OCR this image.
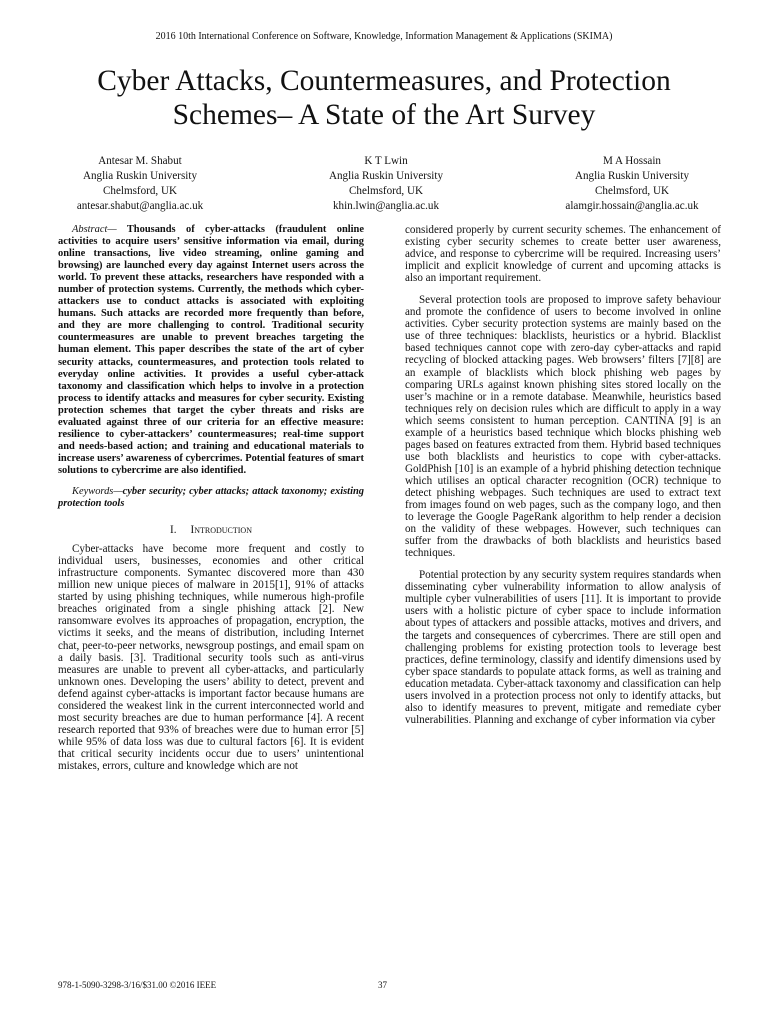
2016 10th International Conference on Software, Knowledge, Information Management & Applications (SKIMA)
Cyber Attacks, Countermeasures, and Protection
Schemes– A State of the Art Survey
Antesar M. Shabut
Anglia Ruskin University
Chelmsford, UK
antesar.shabut@anglia.ac.uk
K T Lwin
Anglia Ruskin University
Chelmsford, UK
khin.lwin@anglia.ac.uk
M A Hossain
Anglia Ruskin University
Chelmsford, UK
alamgir.hossain@anglia.ac.uk

Abstract— Thousands of cyber-attacks (fraudulent online activities to acquire users’ sensitive information via email, during online transactions, live video streaming, online gaming and browsing) are launched every day against Internet users across the world. To prevent these attacks, researchers have responded with a number of protection systems. Currently, the methods which cyber-attackers use to conduct attacks is associated with exploiting humans. Such attacks are recorded more frequently than before, and they are more challenging to control. Traditional security countermeasures are unable to prevent breaches targeting the human element. This paper describes the state of the art of cyber security attacks, countermeasures, and protection tools related to everyday online activities. It provides a useful cyber-attack taxonomy and classification which helps to involve in a protection process to identify attacks and measures for cyber security. Existing protection schemes that target the cyber threats and risks are evaluated against three of our criteria for an effective measure: resilience to cyber-attackers’ countermeasures; real-time support and needs-based action; and training and educational materials to increase users’ awareness of cybercrimes. Potential features of smart solutions to cybercrime are also identified.

Keywords—cyber security; cyber attacks; attack taxonomy; existing protection tools

I. Introduction

Cyber-attacks have become more frequent and costly to individual users, businesses, economies and other critical infrastructure components. Symantec discovered more than 430 million new unique pieces of malware in 2015[1], 91% of attacks started by using phishing techniques, while numerous high-profile breaches originated from a single phishing attack [2]. New ransomware evolves its approaches of propagation, encryption, the victims it seeks, and the means of distribution, including Internet chat, peer-to-peer networks, newsgroup postings, and email spam on a daily basis. [3]. Traditional security tools such as anti-virus measures are unable to prevent all cyber-attacks, and particularly unknown ones. Developing the users’ ability to detect, prevent and defend against cyber-attacks is important factor because humans are considered the weakest link in the current interconnected world and most security breaches are due to human performance [4]. A recent research reported that 93% of breaches were due to human error [5] while 95% of data loss was due to cultural factors [6]. It is evident that critical security incidents occur due to users’ unintentional mistakes, errors, culture and knowledge which are not

considered properly by current security schemes. The enhancement of existing cyber security schemes to create better user awareness, advice, and response to cybercrime will be required. Increasing users’ implicit and explicit knowledge of current and upcoming attacks is also an important requirement.

Several protection tools are proposed to improve safety behaviour and promote the confidence of users to become involved in online activities. Cyber security protection systems are mainly based on the use of three techniques: blacklists, heuristics or a hybrid. Blacklist based techniques cannot cope with zero-day cyber-attacks and rapid recycling of blocked attacking pages. Web browsers’ filters [7][8] are an example of blacklists which block phishing web pages by comparing URLs against known phishing sites stored locally on the user’s machine or in a remote database. Meanwhile, heuristics based techniques rely on decision rules which are difficult to apply in a way which seems consistent to human perception. CANTINA [9] is an example of a heuristics based technique which blocks phishing web pages based on features extracted from them. Hybrid based techniques use both blacklists and heuristics to cope with cyber-attacks. GoldPhish [10] is an example of a hybrid phishing detection technique which utilises an optical character recognition (OCR) technique to detect phishing webpages. Such techniques are used to extract text from images found on web pages, such as the company logo, and then to leverage the Google PageRank algorithm to help render a decision on the validity of these webpages. However, such techniques can suffer from the drawbacks of both blacklists and heuristics based techniques.

Potential protection by any security system requires standards when disseminating cyber vulnerability information to allow analysis of multiple cyber vulnerabilities of users [11]. It is important to provide users with a holistic picture of cyber space to include information about types of attackers and possible attacks, motives and drivers, and the targets and consequences of cybercrimes. There are still open and challenging problems for existing protection tools to leverage best practices, define terminology, classify and identify dimensions used by cyber space standards to populate attack forms, as well as training and education metadata. Cyber-attack taxonomy and classification can help users involved in a protection process not only to identify attacks, but also to identify measures to prevent, mitigate and remediate cyber vulnerabilities. Planning and exchange of cyber information via cyber

978-1-5090-3298-3/16/$31.00 ©2016 IEEE	37
